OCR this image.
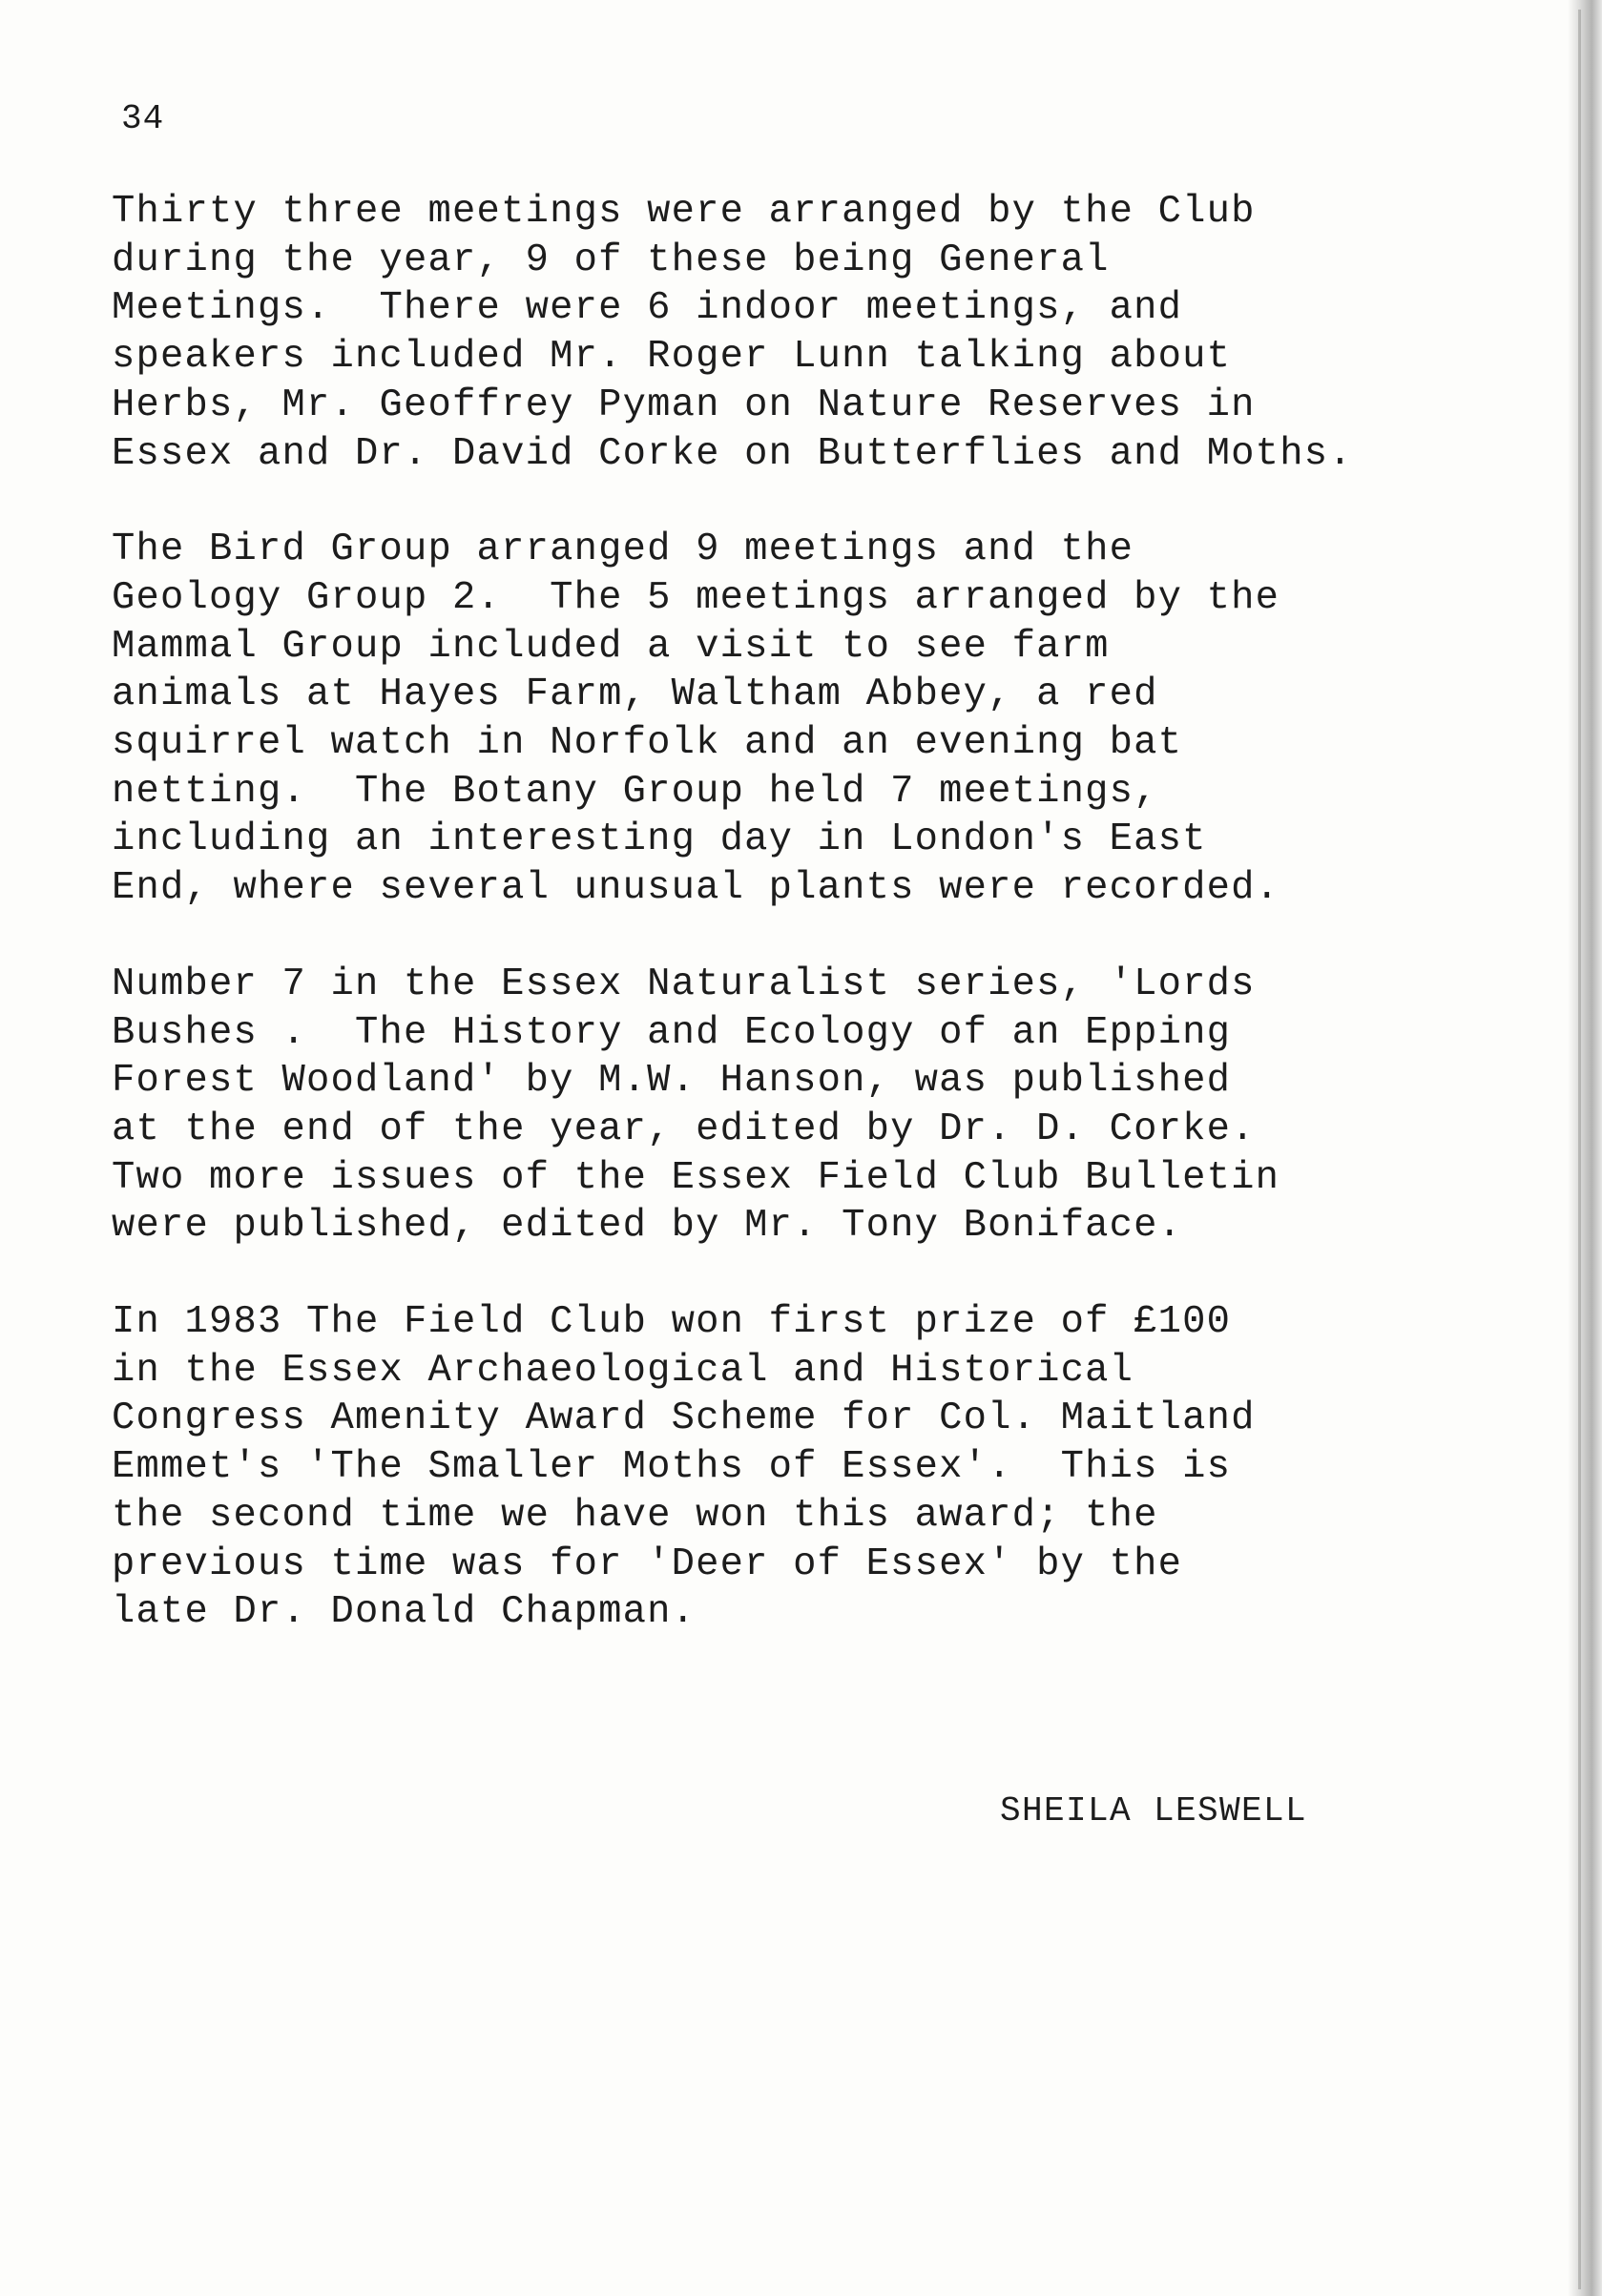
34

Thirty three meetings were arranged by the Club
during the year, 9 of these being General
Meetings.  There were 6 indoor meetings, and
speakers included Mr. Roger Lunn talking about
Herbs, Mr. Geoffrey Pyman on Nature Reserves in
Essex and Dr. David Corke on Butterflies and Moths.

The Bird Group arranged 9 meetings and the
Geology Group 2.  The 5 meetings arranged by the
Mammal Group included a visit to see farm
animals at Hayes Farm, Waltham Abbey, a red
squirrel watch in Norfolk and an evening bat
netting.  The Botany Group held 7 meetings,
including an interesting day in London's East
End, where several unusual plants were recorded.

Number 7 in the Essex Naturalist series, 'Lords
Bushes .  The History and Ecology of an Epping
Forest Woodland' by M.W. Hanson, was published
at the end of the year, edited by Dr. D. Corke.
Two more issues of the Essex Field Club Bulletin
were published, edited by Mr. Tony Boniface.

In 1983 The Field Club won first prize of £100
in the Essex Archaeological and Historical
Congress Amenity Award Scheme for Col. Maitland
Emmet's 'The Smaller Moths of Essex'.  This is
the second time we have won this award; the
previous time was for 'Deer of Essex' by the
late Dr. Donald Chapman.

SHEILA LESWELL
